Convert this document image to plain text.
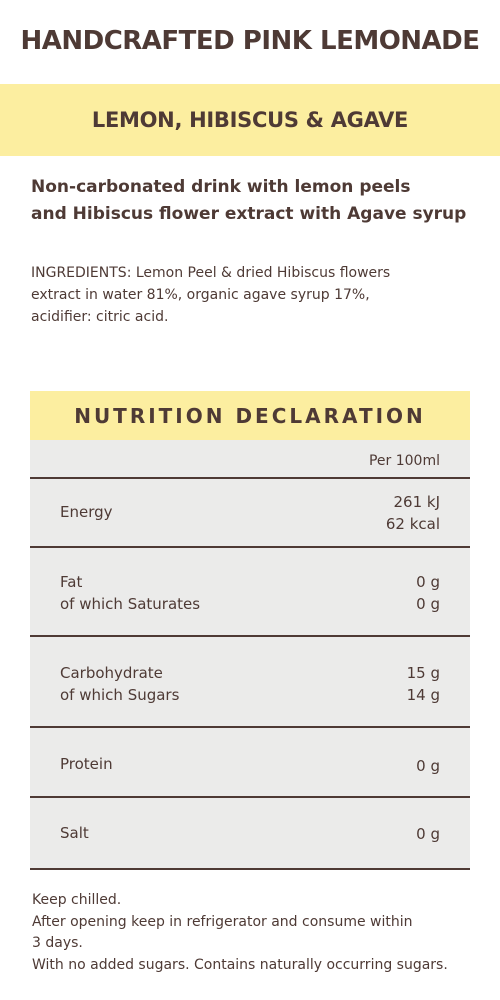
HANDCRAFTED PINK LEMONADE
LEMON, HIBISCUS & AGAVE
Non-carbonated drink with lemon peels
and Hibiscus flower extract with Agave syrup
INGREDIENTS: Lemon Peel & dried Hibiscus flowers
extract in water 81%, organic agave syrup 17%,
acidifier: citric acid.
NUTRITION DECLARATION
Per 100ml
Energy
261 kJ
62 kcal
Fat
of which Saturates
0 g
0 g
Carbohydrate
of which Sugars
15 g
14 g
Protein	0 g
Salt	0 g
Keep chilled.
After opening keep in refrigerator and consume within
3 days.
With no added sugars. Contains naturally occurring sugars.
